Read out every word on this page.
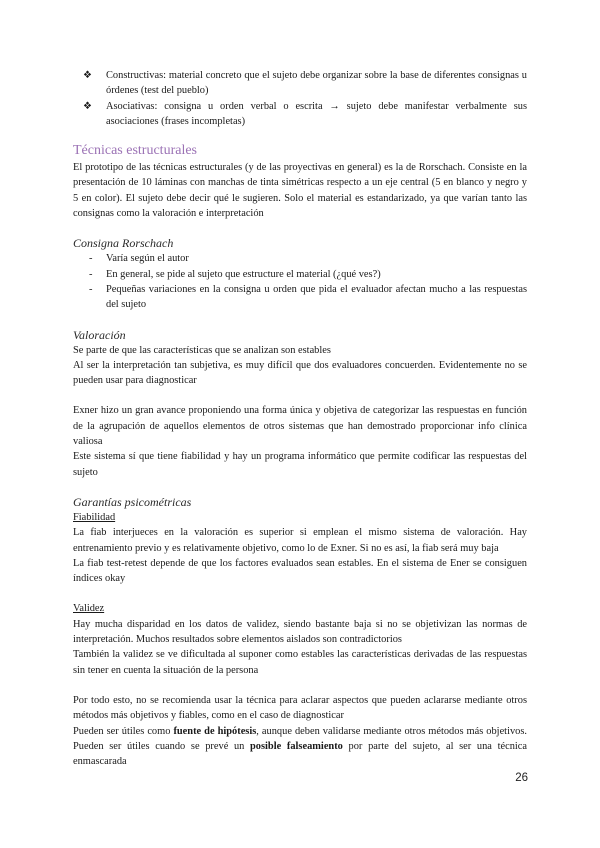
❖ Constructivas: material concreto que el sujeto debe organizar sobre la base de diferentes consignas u órdenes (test del pueblo)
❖ Asociativas: consigna u orden verbal o escrita → sujeto debe manifestar verbalmente sus asociaciones (frases incompletas)
Técnicas estructurales

El prototipo de las técnicas estructurales (y de las proyectivas en general) es la de Rorschach. Consiste en la presentación de 10 láminas con manchas de tinta simétricas respecto a un eje central (5 en blanco y negro y 5 en color). El sujeto debe decir qué le sugieren. Solo el material es estandarizado, ya que varían tanto las consignas como la valoración e interpretación

Consigna Rorschach
- Varía según el autor
- En general, se pide al sujeto que estructure el material (¿qué ves?)
- Pequeñas variaciones en la consigna u orden que pida el evaluador afectan mucho a las respuestas del sujeto
Valoración

Se parte de que las características que se analizan son estables

Al ser la interpretación tan subjetiva, es muy difícil que dos evaluadores concuerden. Evidentemente no se pueden usar para diagnosticar

Exner hizo un gran avance proponiendo una forma única y objetiva de categorizar las respuestas en función de la agrupación de aquellos elementos de otros sistemas que han demostrado proporcionar info clínica valiosa

Este sistema sí que tiene fiabilidad y hay un programa informático que permite codificar las respuestas del sujeto

Garantías psicométricas
Fiabilidad

La fiab interjueces en la valoración es superior si emplean el mismo sistema de valoración. Hay entrenamiento previo y es relativamente objetivo, como lo de Exner. Si no es así, la fiab será muy baja

La fiab test-retest depende de que los factores evaluados sean estables. En el sistema de Ener se consiguen índices okay

Validez

Hay mucha disparidad en los datos de validez, siendo bastante baja si no se objetivizan las normas de interpretación. Muchos resultados sobre elementos aislados son contradictorios

También la validez se ve dificultada al suponer como estables las características derivadas de las respuestas sin tener en cuenta la situación de la persona

Por todo esto, no se recomienda usar la técnica para aclarar aspectos que pueden aclararse mediante otros métodos más objetivos y fiables, como en el caso de diagnosticar

Pueden ser útiles como fuente de hipótesis, aunque deben validarse mediante otros métodos más objetivos. Pueden ser útiles cuando se prevé un posible falseamiento por parte del sujeto, al ser una técnica enmascarada

26
